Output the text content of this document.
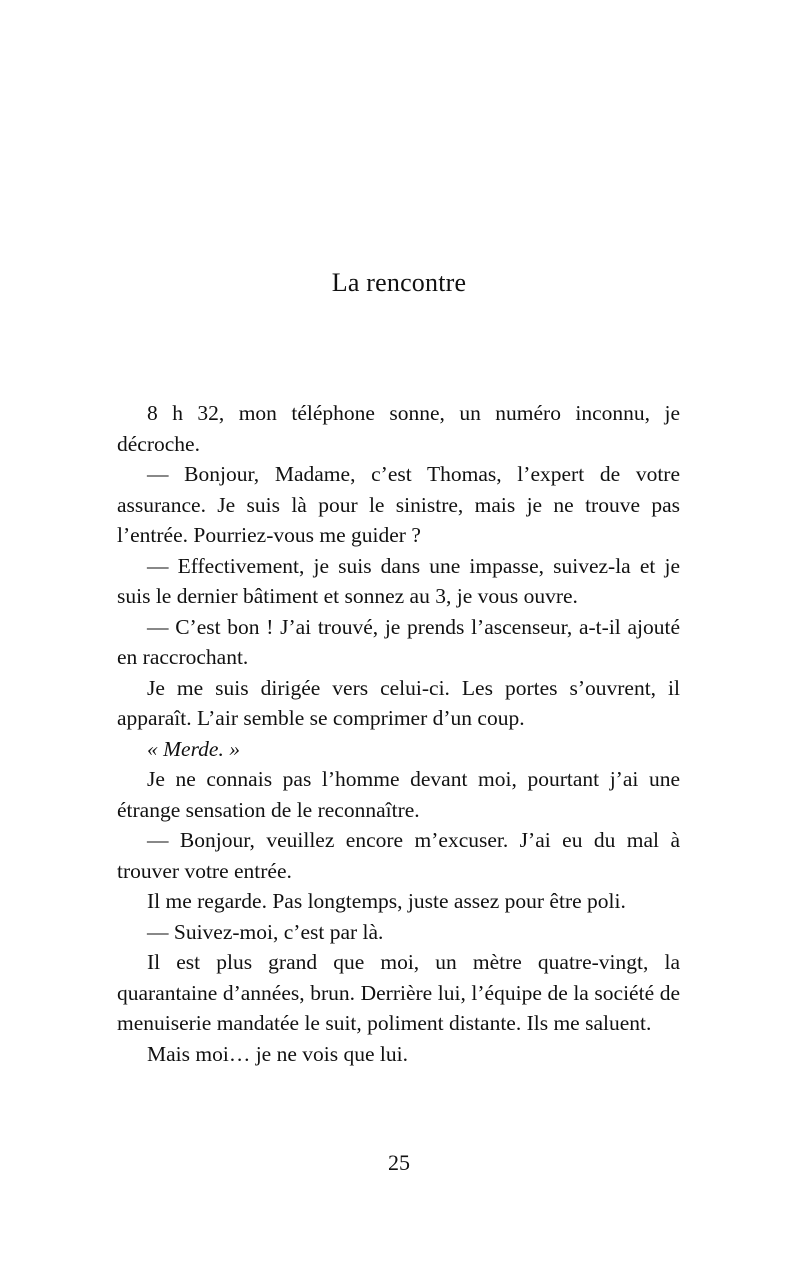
La rencontre

8 h 32, mon téléphone sonne, un numéro inconnu, je décroche.

— Bonjour, Madame, c’est Thomas, l’expert de votre assurance. Je suis là pour le sinistre, mais je ne trouve pas l’entrée. Pourriez-vous me guider ?

— Effectivement, je suis dans une impasse, suivez-la et je suis le dernier bâtiment et sonnez au 3, je vous ouvre.

— C’est bon ! J’ai trouvé, je prends l’ascenseur, a-t-il ajouté en raccrochant.

Je me suis dirigée vers celui-ci. Les portes s’ouvrent, il apparaît. L’air semble se comprimer d’un coup.

« Merde. »

Je ne connais pas l’homme devant moi, pourtant j’ai une étrange sensation de le reconnaître.

— Bonjour, veuillez encore m’excuser. J’ai eu du mal à trouver votre entrée.

Il me regarde. Pas longtemps, juste assez pour être poli.

— Suivez-moi, c’est par là.

Il est plus grand que moi, un mètre quatre-vingt, la quarantaine d’années, brun. Derrière lui, l’équipe de la société de menuiserie mandatée le suit, poliment distante. Ils me saluent.

Mais moi… je ne vois que lui.

25
